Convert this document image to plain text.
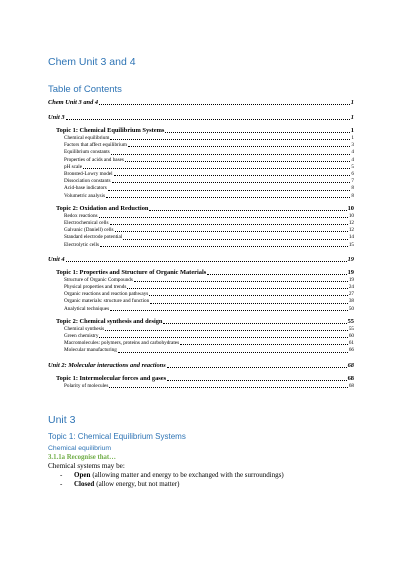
Chem Unit 3 and 4
Table of Contents
Chem Unit 3 and 4	1
Unit 3	1
Topic 1: Chemical Equilibrium Systems	1
Chemical equilibrium	1
Factors that affect equilibrium	3
Equilibrium constants	4
Properties of acids and bases	4
pH scale	5
Bronsted-Lowry model	6
Dissociation constants	7
Acid-base indicators	8
Volumetric analysis	8
Topic 2: Oxidation and Reduction	10
Redox reactions	10
Electrochemical cells	12
Galvanic (Daniell) cells	12
Standard electrode potential	14
Electrolytic cells	15
Unit 4	19
Topic 1: Properties and Structure of Organic Materials	19
Structure of Organic Compounds	19
Physical properties and trends	24
Organic reactions and reaction pathways	27
Organic materials: structure and function	38
Analytical techniques	50
Topic 2: Chemical synthesis and design	55
Chemical synthesis	55
Green chemistry	60
Macromolecules: polymers, proteins and carbohydrates	61
Molecular manufacturing	66
Unit 2: Molecular interactions and reactions	68
Topic 1: Intermolecular forces and gases	68
Polarity of molecules	68
Unit 3
Topic 1: Chemical Equilibrium Systems
Chemical equilibrium
3.1.1a Recognise that…
Chemical systems may be:
-	Open (allowing matter and energy to be exchanged with the surroundings)
-	Closed (allow energy, but not matter)
